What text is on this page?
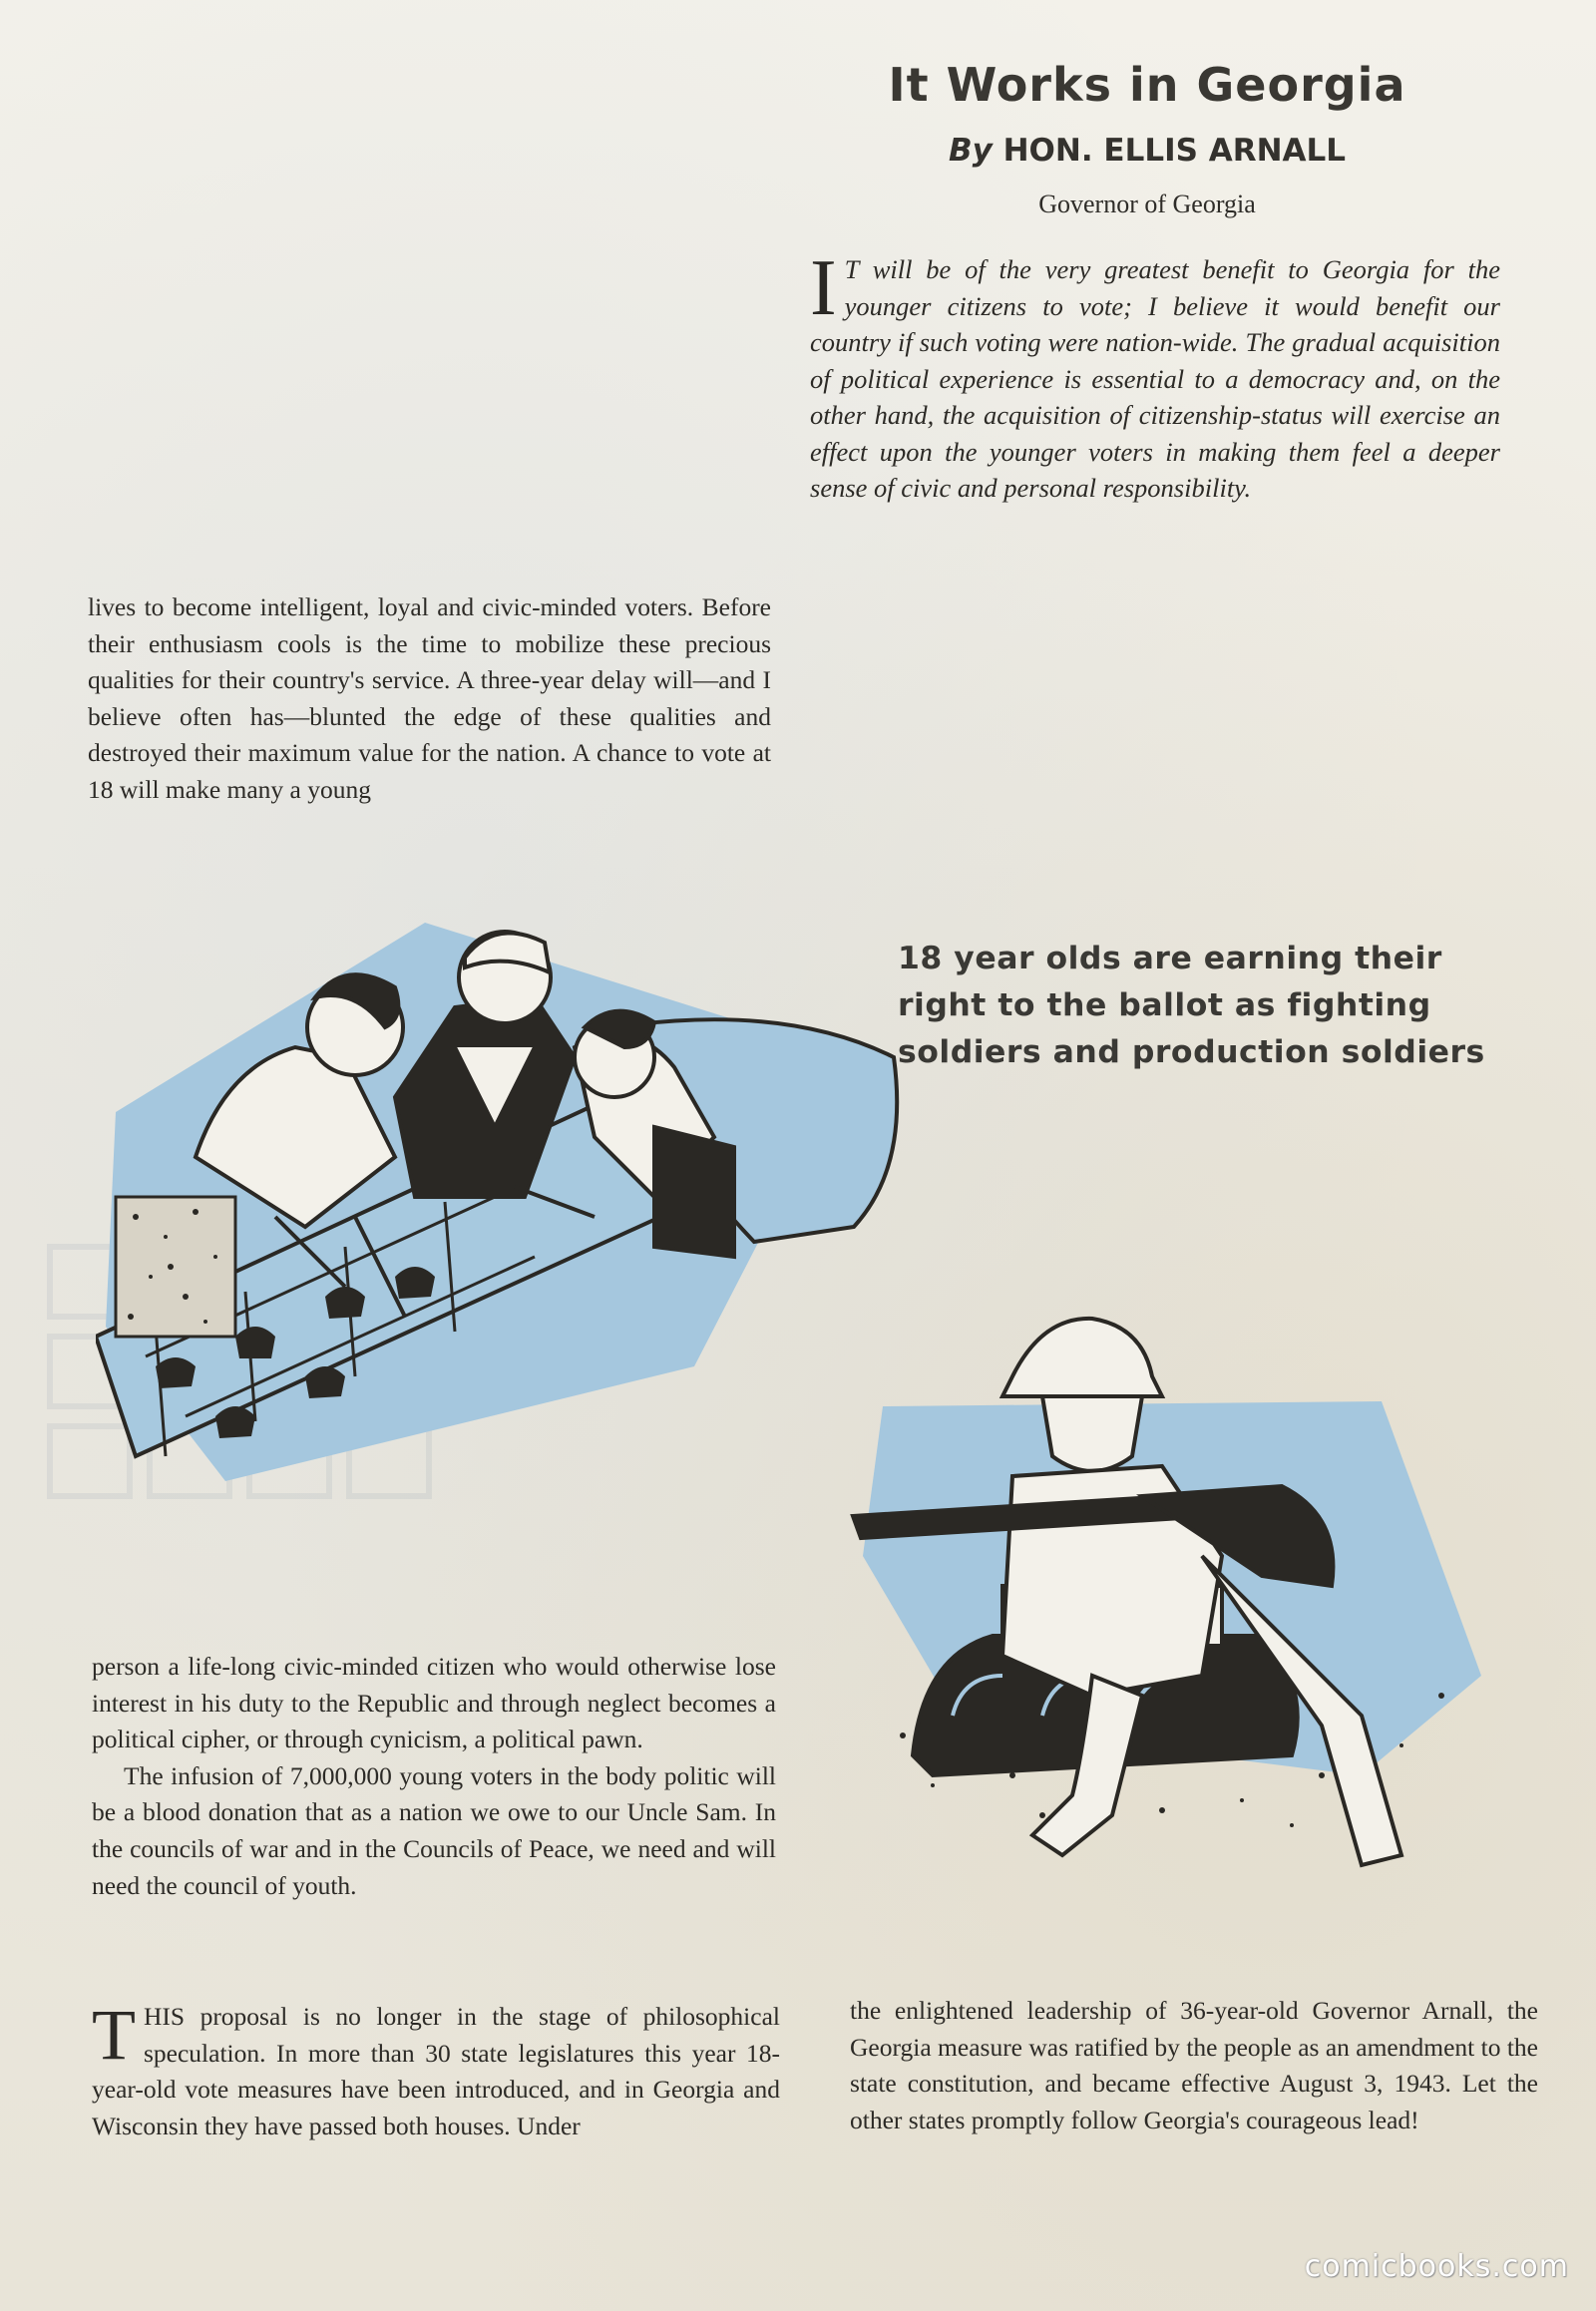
It Works in Georgia
By HON. ELLIS ARNALL
Governor of Georgia
I T will be of the very greatest benefit to Georgia for the younger citizens to vote; I believe it would benefit our country if such voting were nation-wide. The gradual acquisition of political experience is essential to a democracy and, on the other hand, the acquisition of citizenship-status will exercise an effect upon the younger voters in making them feel a deeper sense of civic and personal responsibility.

lives to become intelligent, loyal and civic-minded voters. Before their enthusiasm cools is the time to mobilize these precious qualities for their country's service. A three-year delay will—and I believe often has—blunted the edge of these qualities and destroyed their maximum value for the nation. A chance to vote at 18 will make many a young

18 year olds are earning their
right to the ballot as fighting
soldiers and production soldiers

person a life-long civic-minded citizen who would otherwise lose interest in his duty to the Republic and through neglect becomes a political cipher, or through cynicism, a political pawn.

The infusion of 7,000,000 young voters in the body politic will be a blood donation that as a nation we owe to our Uncle Sam. In the councils of war and in the Councils of Peace, we need and will need the council of youth.

THIS proposal is no longer in the stage of philosophical speculation. In more than 30 state legislatures this year 18-year-old vote measures have been introduced, and in Georgia and Wisconsin they have passed both houses. Under

the enlightened leadership of 36-year-old Governor Arnall, the Georgia measure was ratified by the people as an amendment to the state constitution, and became effective August 3, 1943. Let the other states promptly follow Georgia's courageous lead!

comicbooks.com
